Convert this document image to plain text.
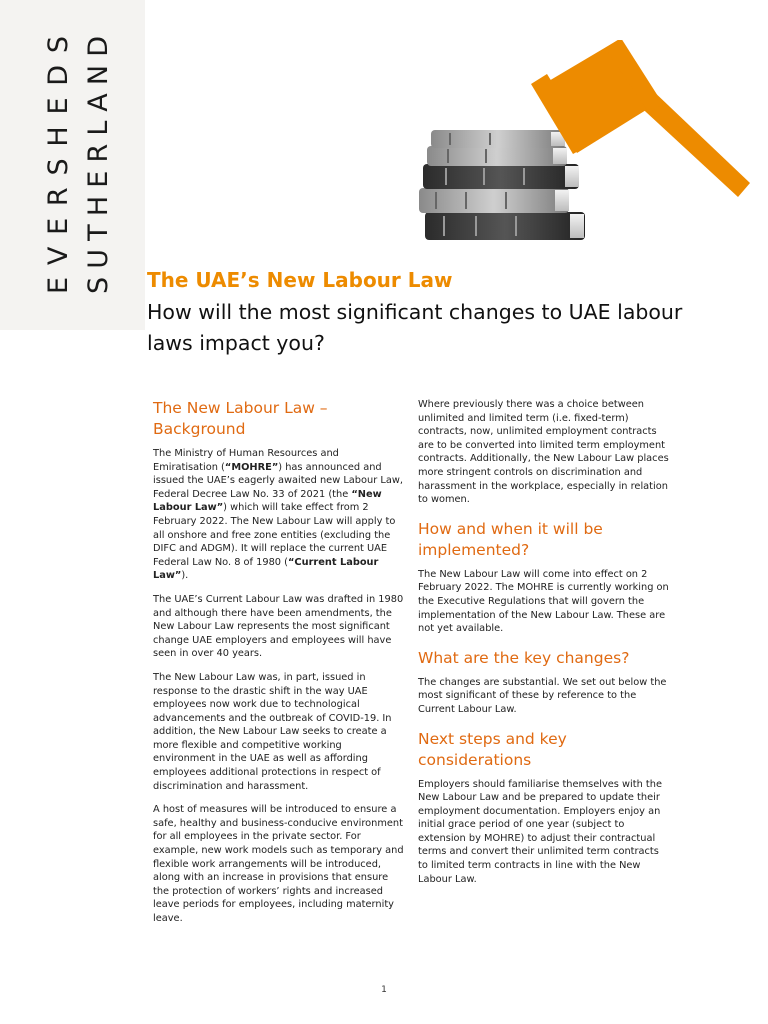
EVERSHEDS
SUTHERLAND
The UAE’s New Labour Law
How will the most significant changes to UAE labour laws impact you?
The New Labour Law – Background

The Ministry of Human Resources and Emiratisation (“MOHRE”) has announced and issued the UAE’s eagerly awaited new Labour Law, Federal Decree Law No. 33 of 2021 (the “New Labour Law”) which will take effect from 2 February 2022. The New Labour Law will apply to all onshore and free zone entities (excluding the DIFC and ADGM). It will replace the current UAE Federal Law No. 8 of 1980 (“Current Labour Law”).

The UAE’s Current Labour Law was drafted in 1980 and although there have been amendments, the New Labour Law represents the most significant change UAE employers and employees will have seen in over 40 years.

The New Labour Law was, in part, issued in response to the drastic shift in the way UAE employees now work due to technological advancements and the outbreak of COVID-19. In addition, the New Labour Law seeks to create a more flexible and competitive working environment in the UAE as well as affording employees additional protections in respect of discrimination and harassment.

A host of measures will be introduced to ensure a safe, healthy and business-conducive environment for all employees in the private sector. For example, new work models such as temporary and flexible work arrangements will be introduced, along with an increase in provisions that ensure the protection of workers’ rights and increased leave periods for employees, including maternity leave.

Where previously there was a choice between unlimited and limited term (i.e. fixed-term) contracts, now, unlimited employment contracts are to be converted into limited term employment contracts. Additionally, the New Labour Law places more stringent controls on discrimination and harassment in the workplace, especially in relation to women.

How and when it will be implemented?

The New Labour Law will come into effect on 2 February 2022. The MOHRE is currently working on the Executive Regulations that will govern the implementation of the New Labour Law. These are not yet available.

What are the key changes?

The changes are substantial. We set out below the most significant of these by reference to the Current Labour Law.

Next steps and key considerations

Employers should familiarise themselves with the New Labour Law and be prepared to update their employment documentation. Employers enjoy an initial grace period of one year (subject to extension by MOHRE) to adjust their contractual terms and convert their unlimited term contracts to limited term contracts in line with the New Labour Law.

1
